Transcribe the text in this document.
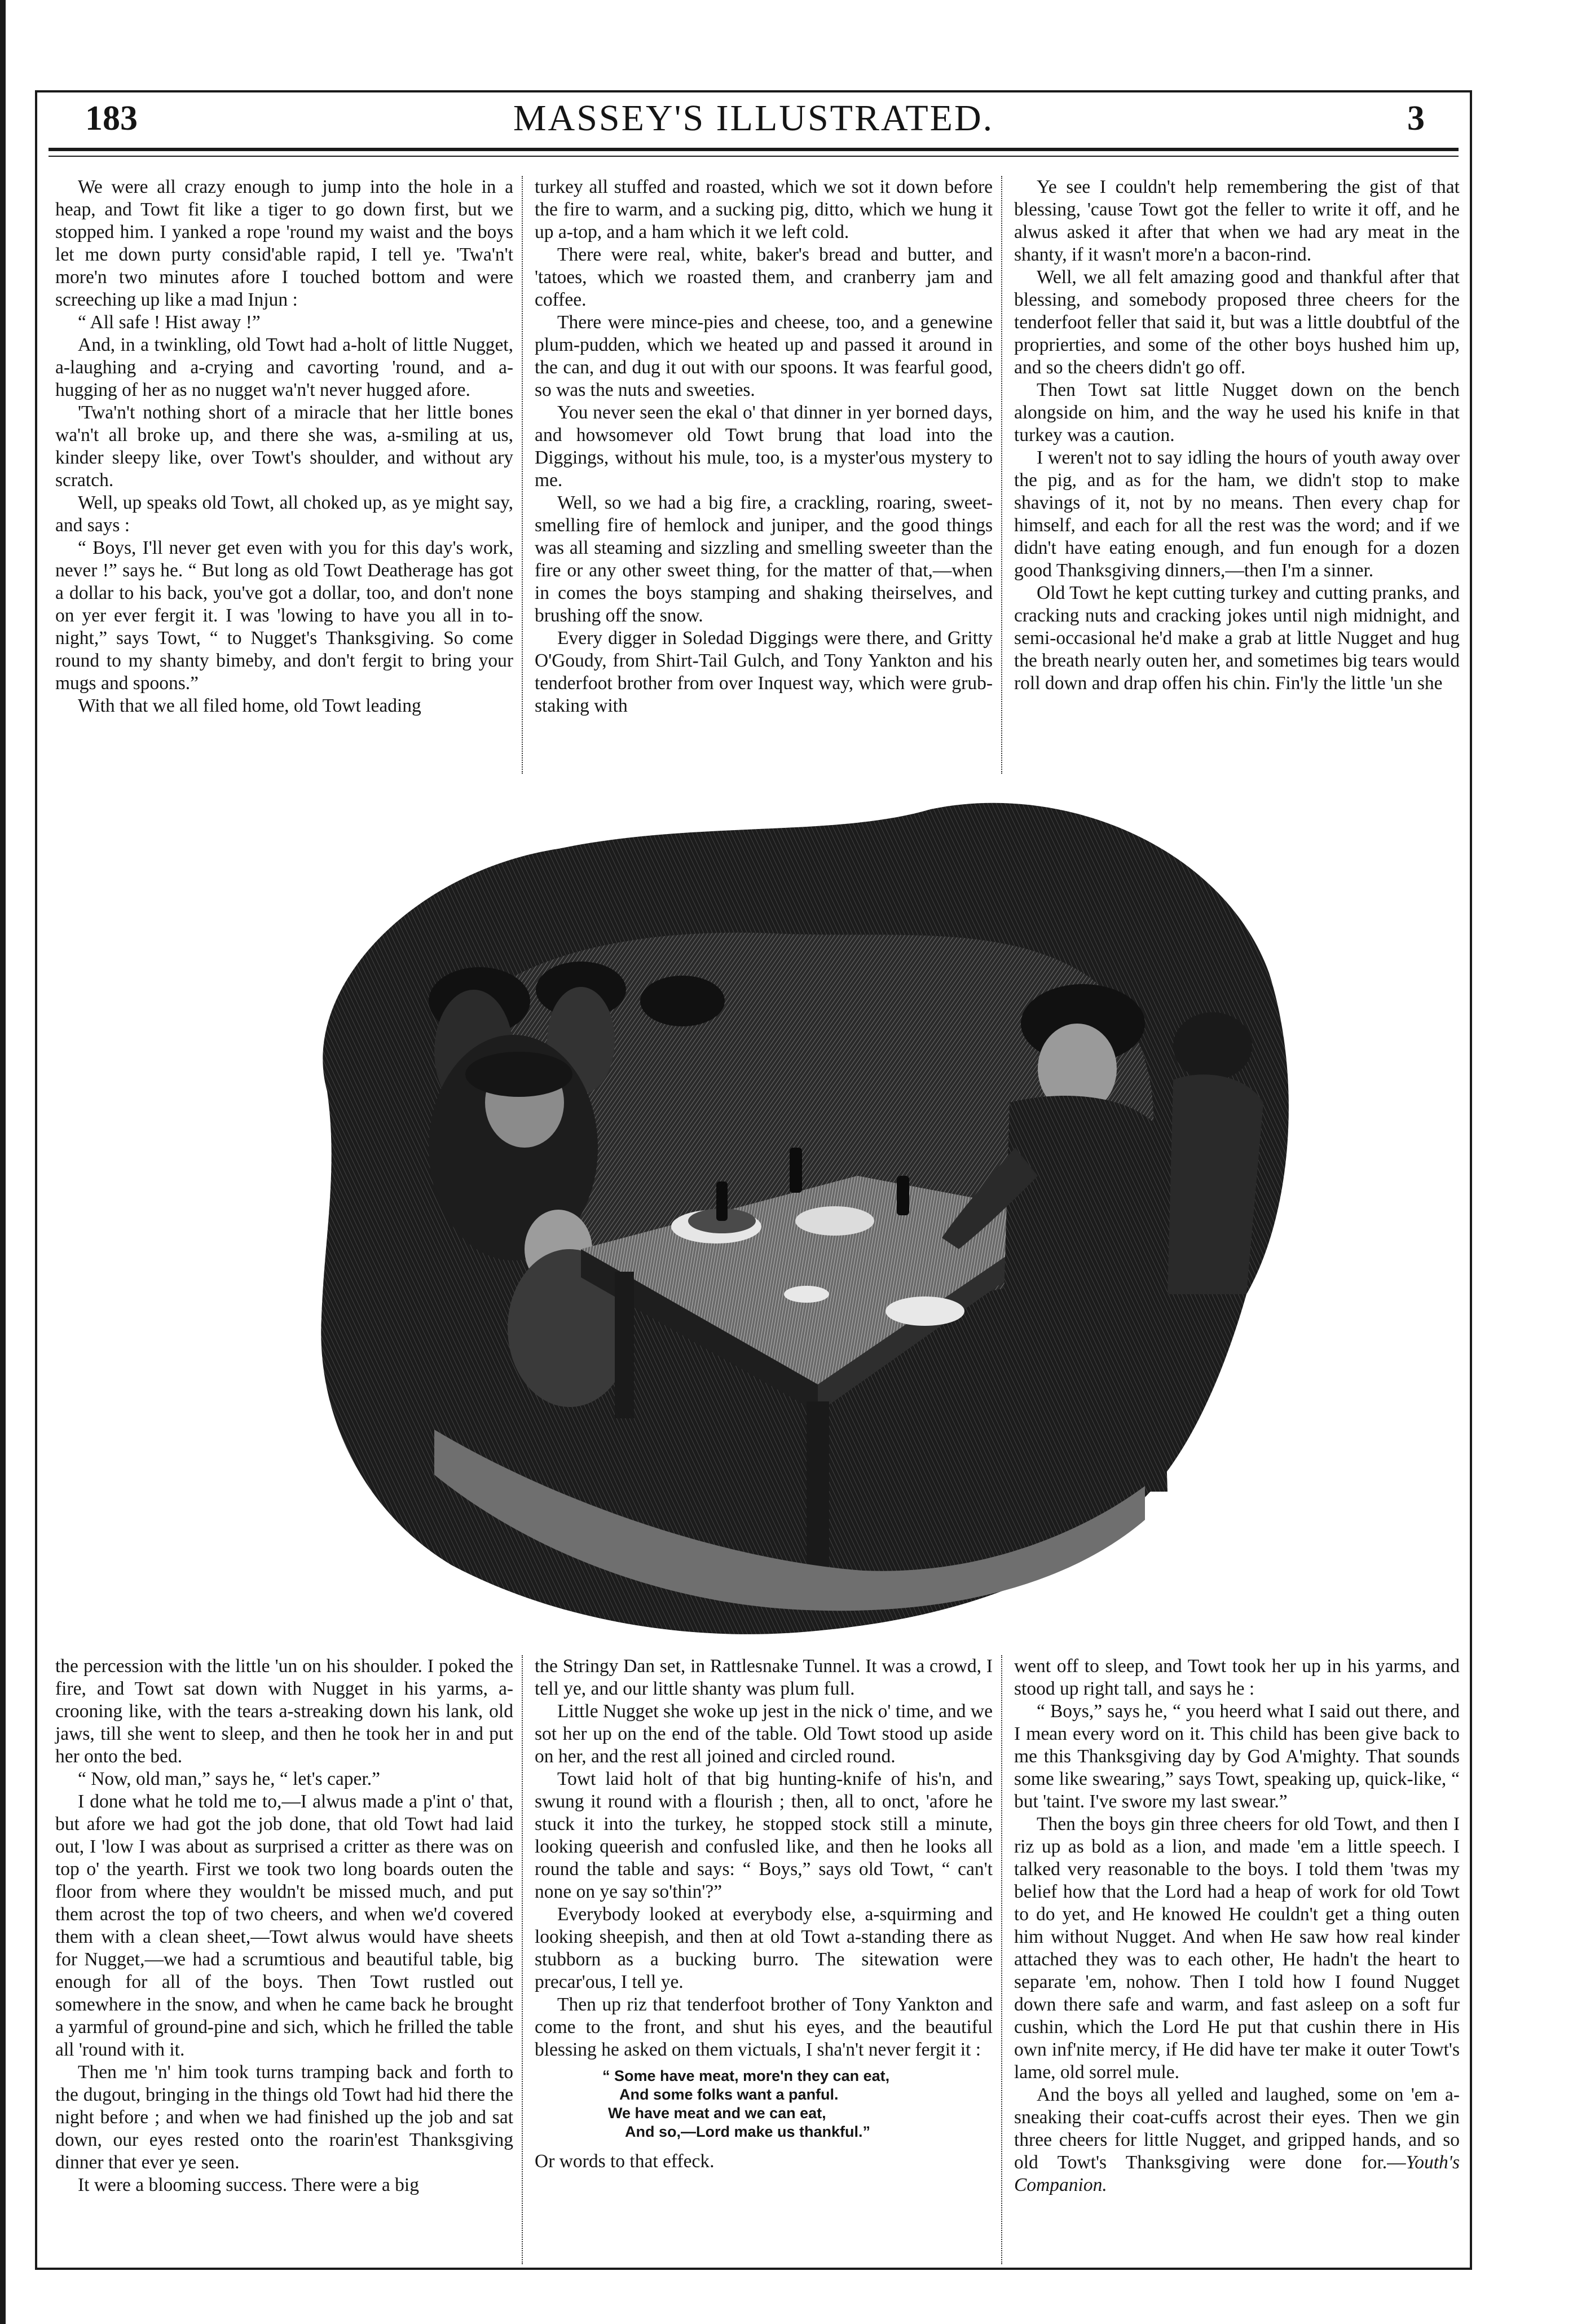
183	MASSEY'S ILLUSTRATED.	3

We were all crazy enough to jump into the hole in a heap, and Towt fit like a tiger to go down first, but we stopped him. I yanked a rope 'round my waist and the boys let me down purty consid'able rapid, I tell ye. 'Twa'n't more'n two minutes afore I touched bottom and were screeching up like a mad Injun :

“ All safe ! Hist away !”

And, in a twinkling, old Towt had a-holt of little Nugget, a-laughing and a-crying and cavorting 'round, and a-hugging of her as no nugget wa'n't never hugged afore.

'Twa'n't nothing short of a miracle that her little bones wa'n't all broke up, and there she was, a-smiling at us, kinder sleepy like, over Towt's shoulder, and without ary scratch.

Well, up speaks old Towt, all choked up, as ye might say, and says :

“ Boys, I'll never get even with you for this day's work, never !” says he. “ But long as old Towt Deatherage has got a dollar to his back, you've got a dollar, too, and don't none on yer ever fergit it. I was 'lowing to have you all in to-night,” says Towt, “ to Nugget's Thanksgiving. So come round to my shanty bimeby, and don't fergit to bring your mugs and spoons.”

With that we all filed home, old Towt leading

turkey all stuffed and roasted, which we sot it down before the fire to warm, and a sucking pig, ditto, which we hung it up a-top, and a ham which it we left cold.

There were real, white, baker's bread and butter, and 'tatoes, which we roasted them, and cranberry jam and coffee.

There were mince-pies and cheese, too, and a genewine plum-pudden, which we heated up and passed it around in the can, and dug it out with our spoons. It was fearful good, so was the nuts and sweeties.

You never seen the ekal o' that dinner in yer borned days, and howsomever old Towt brung that load into the Diggings, without his mule, too, is a myster'ous mystery to me.

Well, so we had a big fire, a crackling, roaring, sweet-smelling fire of hemlock and juniper, and the good things was all steaming and sizzling and smelling sweeter than the fire or any other sweet thing, for the matter of that,—when in comes the boys stamping and shaking theirselves, and brushing off the snow.

Every digger in Soledad Diggings were there, and Gritty O'Goudy, from Shirt-Tail Gulch, and Tony Yankton and his tenderfoot brother from over Inquest way, which were grub-staking with

Ye see I couldn't help remembering the gist of that blessing, 'cause Towt got the feller to write it off, and he alwus asked it after that when we had ary meat in the shanty, if it wasn't more'n a bacon-rind.

Well, we all felt amazing good and thankful after that blessing, and somebody proposed three cheers for the tenderfoot feller that said it, but was a little doubtful of the proprierties, and some of the other boys hushed him up, and so the cheers didn't go off.

Then Towt sat little Nugget down on the bench alongside on him, and the way he used his knife in that turkey was a caution.

I weren't not to say idling the hours of youth away over the pig, and as for the ham, we didn't stop to make shavings of it, not by no means. Then every chap for himself, and each for all the rest was the word; and if we didn't have eating enough, and fun enough for a dozen good Thanksgiving dinners,—then I'm a sinner.

Old Towt he kept cutting turkey and cutting pranks, and cracking nuts and cracking jokes until nigh midnight, and semi-occasional he'd make a grab at little Nugget and hug the breath nearly outen her, and sometimes big tears would roll down and drap offen his chin. Fin'ly the little 'un she

the percession with the little 'un on his shoulder. I poked the fire, and Towt sat down with Nugget in his yarms, a-crooning like, with the tears a-streaking down his lank, old jaws, till she went to sleep, and then he took her in and put her onto the bed.

“ Now, old man,” says he, “ let's caper.”

I done what he told me to,—I alwus made a p'int o' that, but afore we had got the job done, that old Towt had laid out, I 'low I was about as surprised a critter as there was on top o' the yearth. First we took two long boards outen the floor from where they wouldn't be missed much, and put them acrost the top of two cheers, and when we'd covered them with a clean sheet,—Towt alwus would have sheets for Nugget,—we had a scrumtious and beautiful table, big enough for all of the boys. Then Towt rustled out somewhere in the snow, and when he came back he brought a yarmful of ground-pine and sich, which he frilled the table all 'round with it.

Then me 'n' him took turns tramping back and forth to the dugout, bringing in the things old Towt had hid there the night before ; and when we had finished up the job and sat down, our eyes rested onto the roarin'est Thanksgiving dinner that ever ye seen.

It were a blooming success. There were a big

the Stringy Dan set, in Rattlesnake Tunnel. It was a crowd, I tell ye, and our little shanty was plum full.

Little Nugget she woke up jest in the nick o' time, and we sot her up on the end of the table. Old Towt stood up aside on her, and the rest all joined and circled round.

Towt laid holt of that big hunting-knife of his'n, and swung it round with a flourish ; then, all to onct, 'afore he stuck it into the turkey, he stopped stock still a minute, looking queerish and confusled like, and then he looks all round the table and says: “ Boys,” says old Towt, “ can't none on ye say so'thin'?”

Everybody looked at everybody else, a-squirming and looking sheepish, and then at old Towt a-standing there as stubborn as a bucking burro. The sitewation were precar'ous, I tell ye.

Then up riz that tenderfoot brother of Tony Yankton and come to the front, and shut his eyes, and the beautiful blessing he asked on them victuals, I sha'n't never fergit it :

“ Some have meat, more'n they can eat,
And some folks want a panful.
We have meat and we can eat,
And so,—Lord make us thankful.”

Or words to that effeck.

went off to sleep, and Towt took her up in his yarms, and stood up right tall, and says he :

“ Boys,” says he, “ you heerd what I said out there, and I mean every word on it. This child has been give back to me this Thanksgiving day by God A'mighty. That sounds some like swearing,” says Towt, speaking up, quick-like, “ but 'taint. I've swore my last swear.”

Then the boys gin three cheers for old Towt, and then I riz up as bold as a lion, and made 'em a little speech. I talked very reasonable to the boys. I told them 'twas my belief how that the Lord had a heap of work for old Towt to do yet, and He knowed He couldn't get a thing outen him without Nugget. And when He saw how real kinder attached they was to each other, He hadn't the heart to separate 'em, nohow. Then I told how I found Nugget down there safe and warm, and fast asleep on a soft fur cushin, which the Lord He put that cushin there in His own inf'nite mercy, if He did have ter make it outer Towt's lame, old sorrel mule.

And the boys all yelled and laughed, some on 'em a-sneaking their coat-cuffs acrost their eyes. Then we gin three cheers for little Nugget, and gripped hands, and so old Towt's Thanksgiving were done for.—Youth's Companion.
